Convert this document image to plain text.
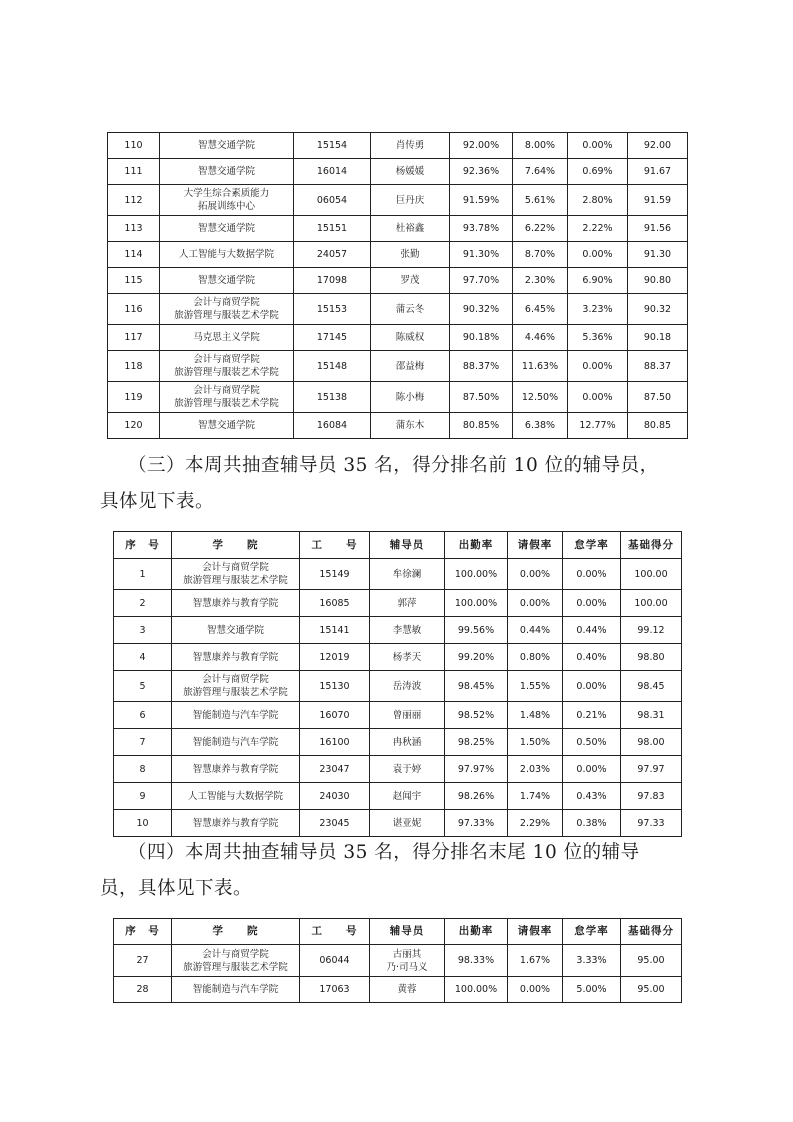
110	智慧交通学院	15154	肖传勇	92.00%	8.00%	0.00%	92.00
111	智慧交通学院	16014	杨媛媛	92.36%	7.64%	0.69%	91.67
112	大学生综合素质能力
拓展训练中心	06054	巨丹庆	91.59%	5.61%	2.80%	91.59
113	智慧交通学院	15151	杜裕鑫	93.78%	6.22%	2.22%	91.56
114	人工智能与大数据学院	24057	张勤	91.30%	8.70%	0.00%	91.30
115	智慧交通学院	17098	罗茂	97.70%	2.30%	6.90%	90.80
116	会计与商贸学院
旅游管理与服装艺术学院	15153	蒲云冬	90.32%	6.45%	3.23%	90.32
117	马克思主义学院	17145	陈威权	90.18%	4.46%	5.36%	90.18
118	会计与商贸学院
旅游管理与服装艺术学院	15148	邵益梅	88.37%	11.63%	0.00%	88.37
119	会计与商贸学院
旅游管理与服装艺术学院	15138	陈小梅	87.50%	12.50%	0.00%	87.50
120	智慧交通学院	16084	蒲东木	80.85%	6.38%	12.77%	80.85

（三）本周共抽查辅导员 35 名，得分排名前 10 位的辅导员，
具体见下表。

序　号	学　　院	工　　号	辅导员	出勤率	请假率	怠学率	基础得分
1	会计与商贸学院
旅游管理与服装艺术学院	15149	牟徐澜	100.00%	0.00%	0.00%	100.00
2	智慧康养与教育学院	16085	郭萍	100.00%	0.00%	0.00%	100.00
3	智慧交通学院	15141	李慧敏	99.56%	0.44%	0.44%	99.12
4	智慧康养与教育学院	12019	杨孝天	99.20%	0.80%	0.40%	98.80
5	会计与商贸学院
旅游管理与服装艺术学院	15130	岳涛波	98.45%	1.55%	0.00%	98.45
6	智能制造与汽车学院	16070	曾丽丽	98.52%	1.48%	0.21%	98.31
7	智能制造与汽车学院	16100	冉秋涵	98.25%	1.50%	0.50%	98.00
8	智慧康养与教育学院	23047	袁于婷	97.97%	2.03%	0.00%	97.97
9	人工智能与大数据学院	24030	赵闻宇	98.26%	1.74%	0.43%	97.83
10	智慧康养与教育学院	23045	谌亚妮	97.33%	2.29%	0.38%	97.33

（四）本周共抽查辅导员 35 名，得分排名末尾 10 位的辅导
员，具体见下表。

序　号	学　　院	工　　号	辅导员	出勤率	请假率	怠学率	基础得分
27	会计与商贸学院
旅游管理与服装艺术学院	06044	古丽其
乃·司马义	98.33%	1.67%	3.33%	95.00
28	智能制造与汽车学院	17063	黄蓉	100.00%	0.00%	5.00%	95.00
